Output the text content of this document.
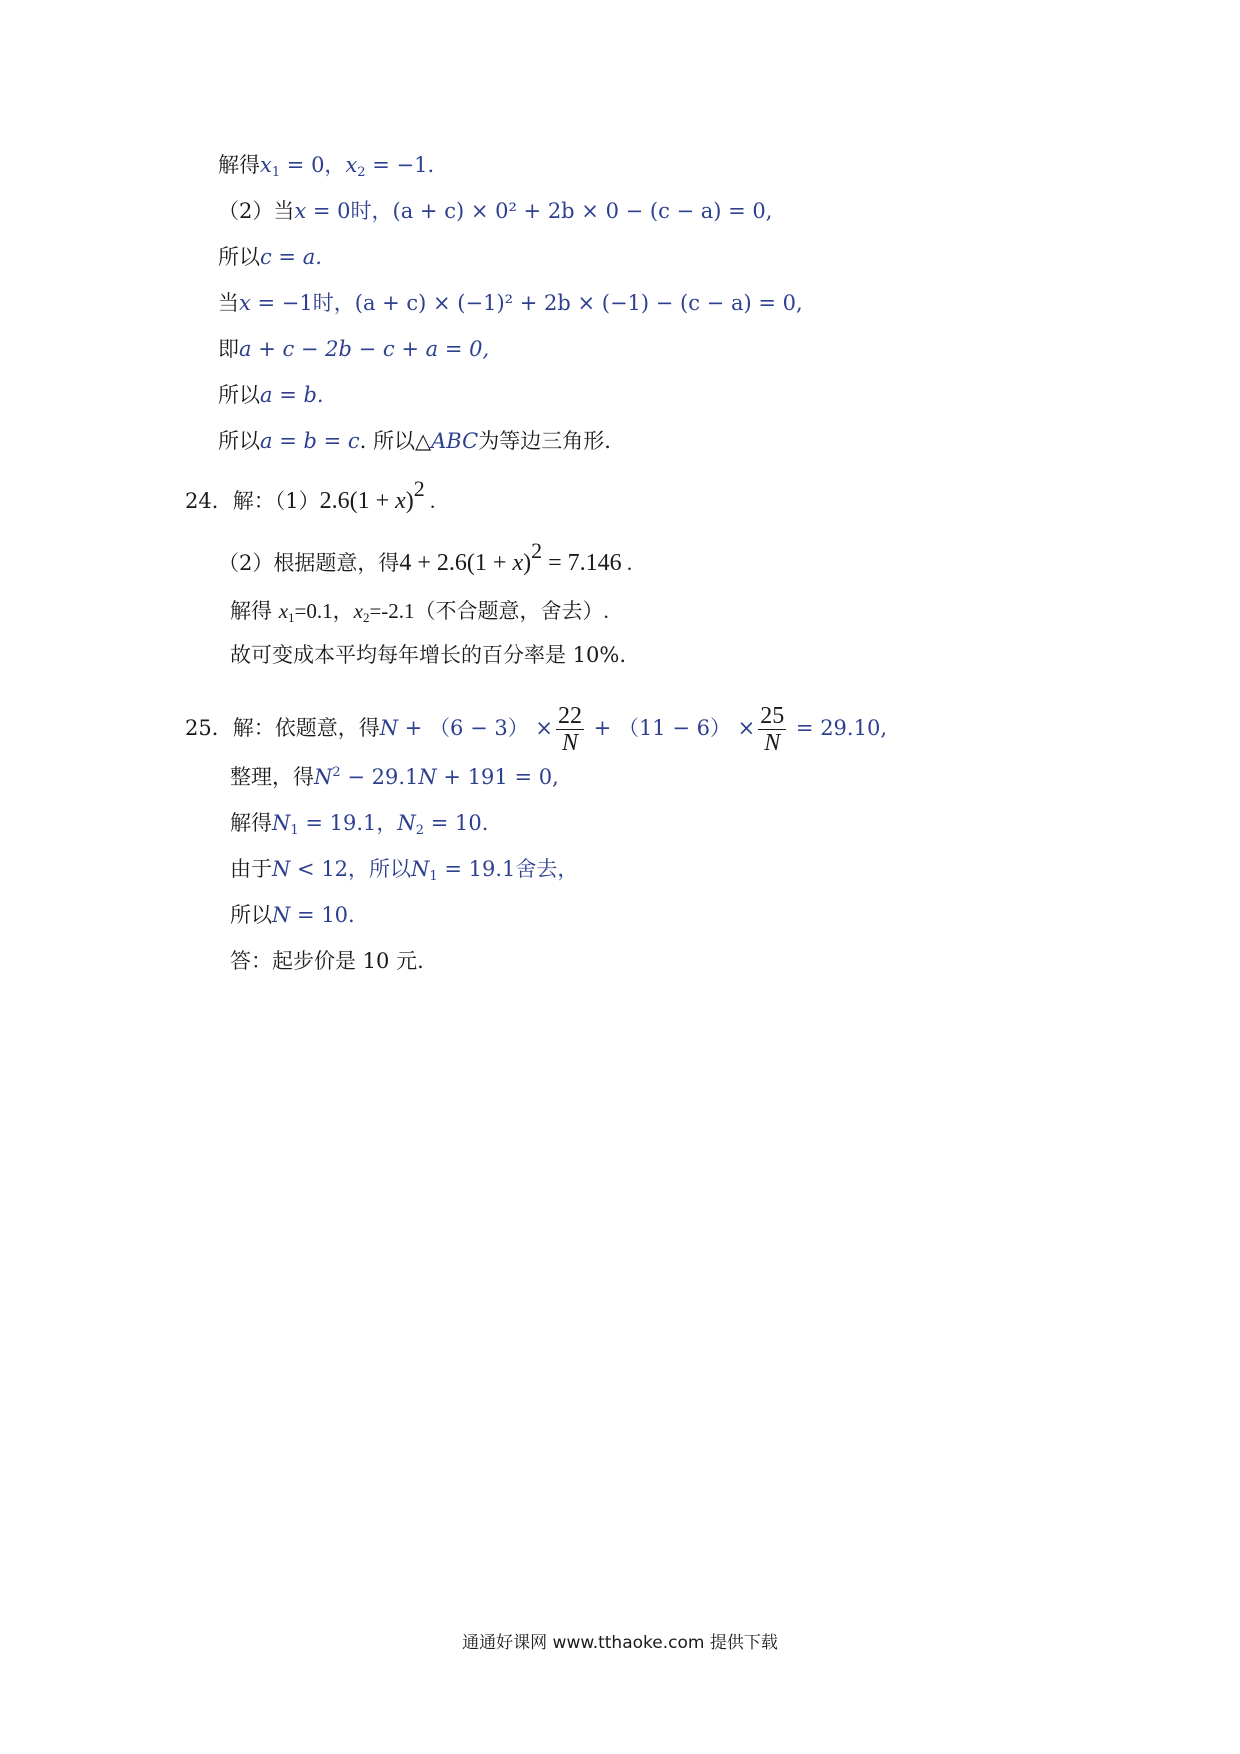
解得$x_1 = 0$，$x_2 = -1$.
（2）当x = 0时，(a + c) × 0² + 2b × 0 − (c − a) = 0,
所以c = a.
当x = −1时，(a + c) × (−1)² + 2b × (−1) − (c − a) = 0,
即a + c − 2b − c + a = 0,
所以a = b.
所以a = b = c. 所以△ABC为等边三角形.
24．解：（1）2.6(1 + x)2 .
（2）根据题意，得4 + 2.6(1 + x)2 = 7.146 .
解得 $x_1=0.1$，$x_2=-2.1$（不合题意，舍去）.
故可变成本平均每年增长的百分率是 10%.
25．解：依题意，得$N + (6 - 3) \times \frac{22}{N} + (11 - 6) \times \frac{25}{N} = 29.10$,
整理，得$N^2 - 29.1N + 191 = 0$,
解得$N_1 = 19.1$，$N_2 = 10$.
由于N < 12，所以$N_1 = 19.1$舍去，
所以N = 10.
答：起步价是 10 元.
通通好课网 www.tthaoke.com 提供下载
